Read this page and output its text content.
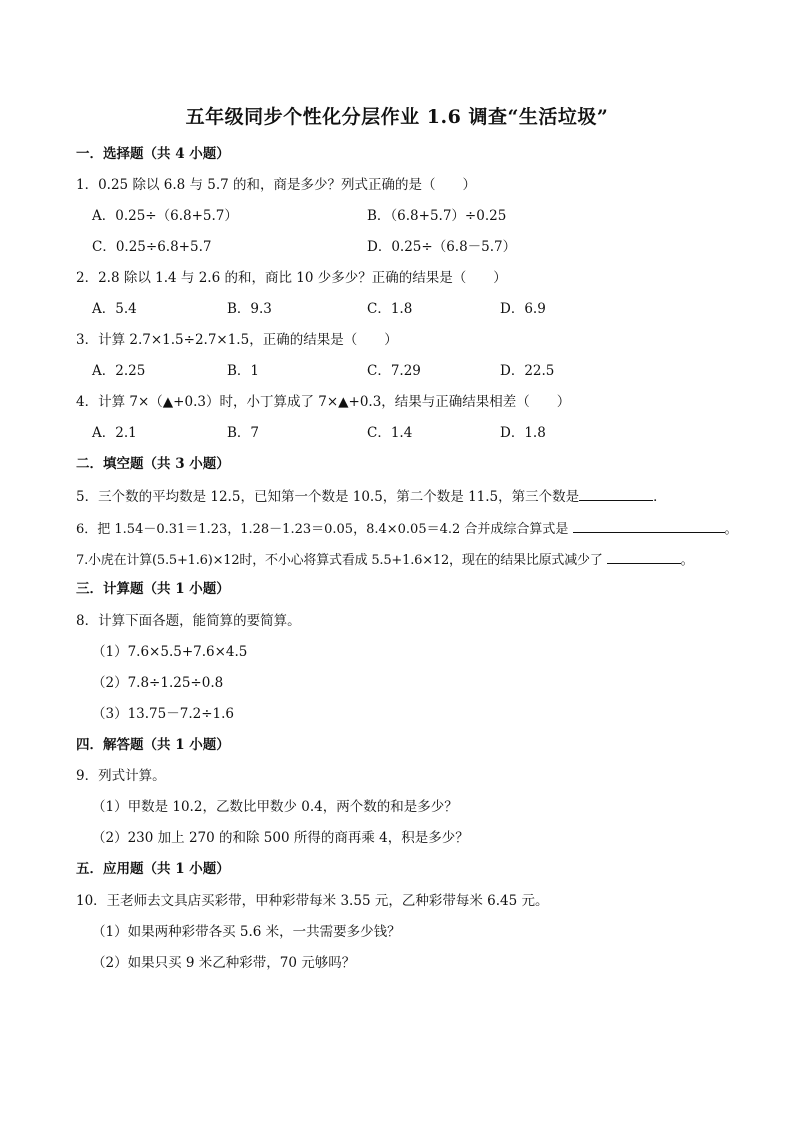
五年级同步个性化分层作业 1.6 调查“生活垃圾”
一．选择题（共 4 小题）
1．0.25 除以 6.8 与 5.7 的和，商是多少？列式正确的是（　　）
A．0.25÷（6.8+5.7）	B．（6.8+5.7）÷0.25
C．0.25÷6.8+5.7	D．0.25÷（6.8－5.7）
2．2.8 除以 1.4 与 2.6 的和，商比 10 少多少？正确的结果是（　　）
A．5.4	B．9.3	C．1.8	D．6.9
3．计算 2.7×1.5÷2.7×1.5，正确的结果是（　　）
A．2.25	B．1	C．7.29	D．22.5
4．计算 7×（▲+0.3）时，小丁算成了 7×▲+0.3，结果与正确结果相差（　　）
A．2.1	B．7	C．1.4	D．1.8
二．填空题（共 3 小题）
5．三个数的平均数是 12.5，已知第一个数是 10.5，第二个数是 11.5，第三个数是	．
6．把 1.54－0.31＝1.23，1.28－1.23＝0.05，8.4×0.05＝4.2 合并成综合算式是	。
7.小虎在计算(5.5+1.6)×12时，不小心将算式看成 5.5+1.6×12，现在的结果比原式减少了	。
三．计算题（共 1 小题）
8．计算下面各题，能简算的要简算。
（1）7.6×5.5+7.6×4.5
（2）7.8÷1.25÷0.8
（3）13.75－7.2÷1.6
四．解答题（共 1 小题）
9．列式计算。
（1）甲数是 10.2，乙数比甲数少 0.4，两个数的和是多少？
（2）230 加上 270 的和除 500 所得的商再乘 4，积是多少？
五．应用题（共 1 小题）
10．王老师去文具店买彩带，甲种彩带每米 3.55 元，乙种彩带每米 6.45 元。
（1）如果两种彩带各买 5.6 米，一共需要多少钱？
（2）如果只买 9 米乙种彩带，70 元够吗？
